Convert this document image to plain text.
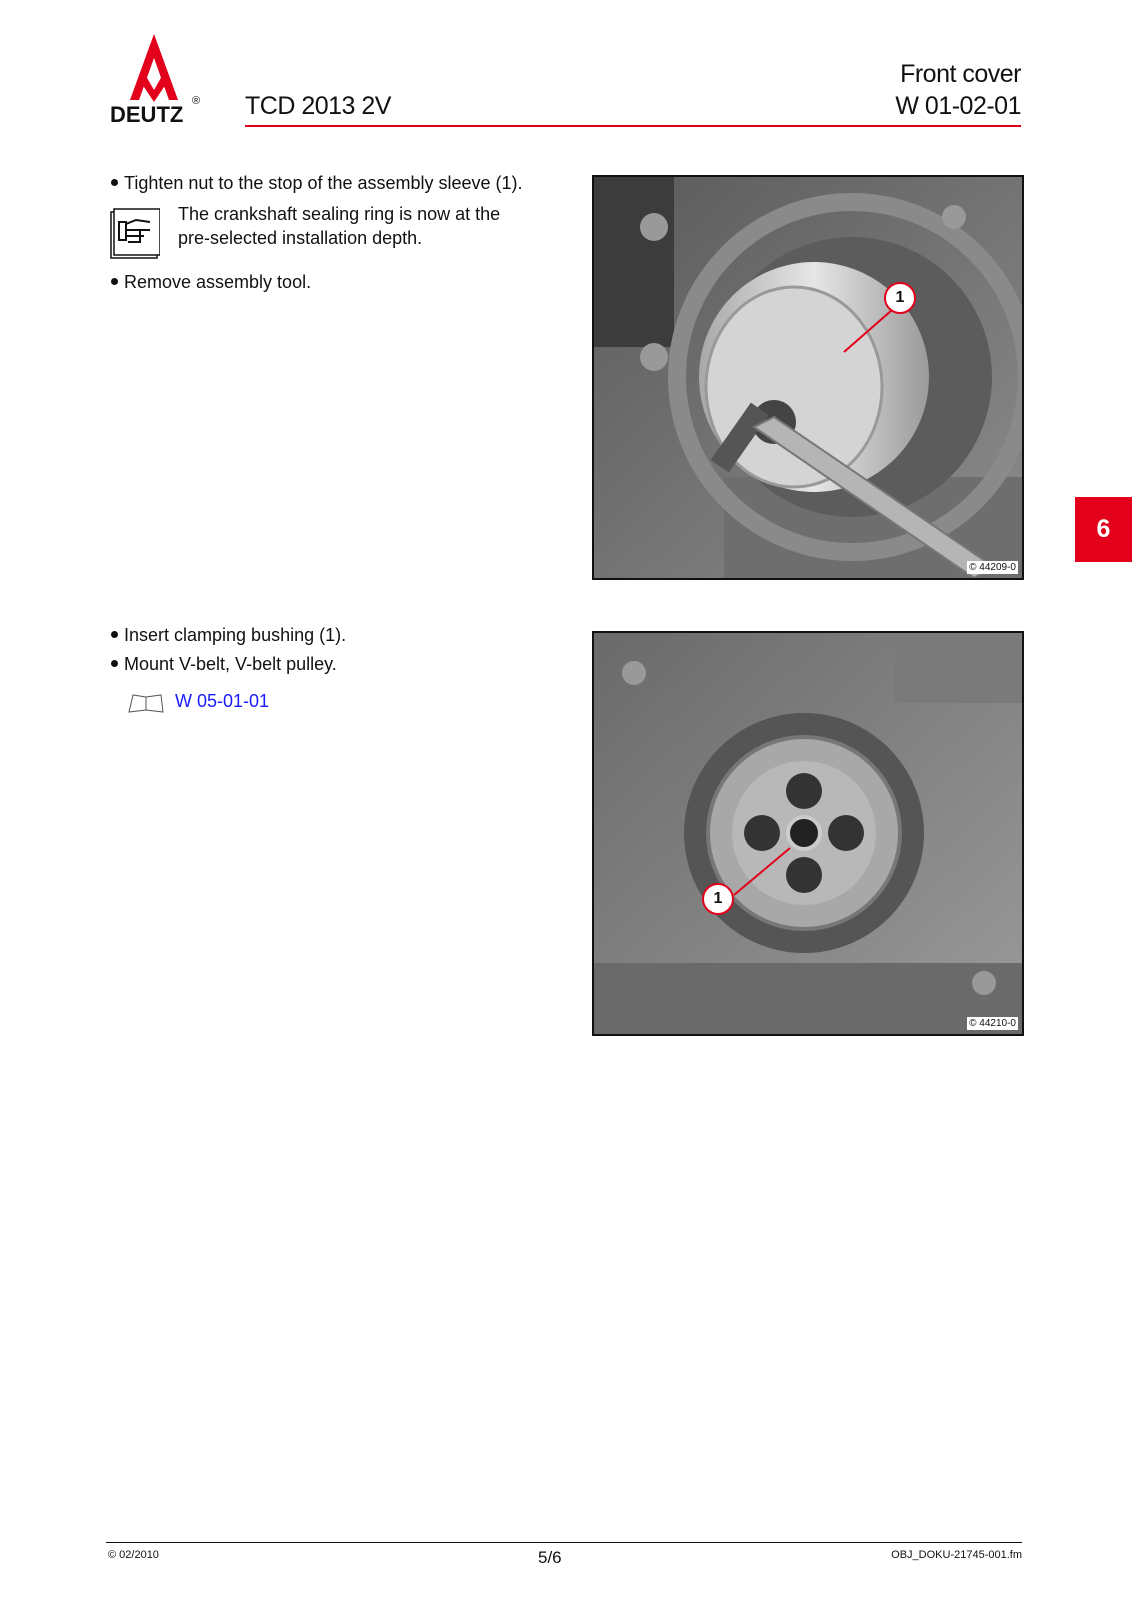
DEUTZ
® TCD 2013 2V
Front cover
W 01-02-01
6
Tighten nut to the stop of the assembly sleeve (1).
The crankshaft sealing ring is now at the
pre-selected installation depth.
Remove assembly tool.
1
© 44209-0
Insert clamping bushing (1).
Mount V-belt, V-belt pulley.
W 05-01-01
1
© 44210-0
© 02/2010	5/6	OBJ_DOKU-21745-001.fm
